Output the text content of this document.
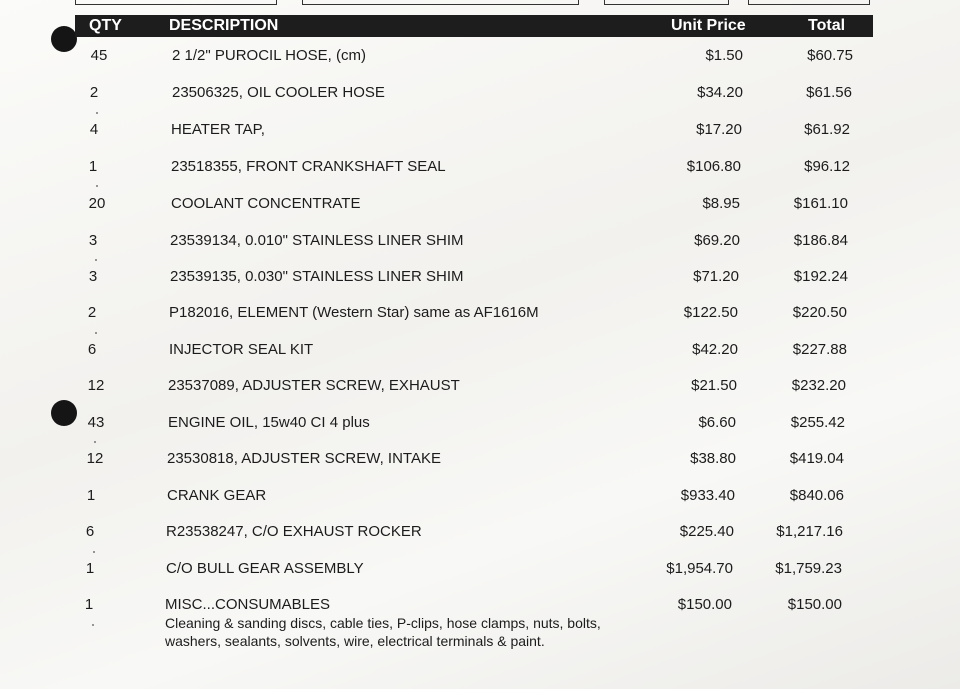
QTY	DESCRIPTION	Unit Price	Total
45	2 1/2" PUROCIL HOSE, (cm)	$1.50	$60.75
2	23506325, OIL COOLER HOSE	$34.20	$61.56
4	HEATER TAP,	$17.20	$61.92
1	23518355, FRONT CRANKSHAFT SEAL	$106.80	$96.12
20	COOLANT CONCENTRATE	$8.95	$161.10
3	23539134, 0.010" STAINLESS LINER SHIM	$69.20	$186.84
3	23539135, 0.030" STAINLESS LINER SHIM	$71.20	$192.24
2	P182016, ELEMENT (Western Star) same as AF1616M	$122.50	$220.50
6	INJECTOR SEAL KIT	$42.20	$227.88
12	23537089, ADJUSTER SCREW, EXHAUST	$21.50	$232.20
43	ENGINE OIL, 15w40 CI 4 plus	$6.60	$255.42
12	23530818, ADJUSTER SCREW, INTAKE	$38.80	$419.04
1	CRANK GEAR	$933.40	$840.06
6	R23538247, C/O EXHAUST ROCKER	$225.40	$1,217.16
1	C/O BULL GEAR ASSEMBLY	$1,954.70	$1,759.23
1	MISC...CONSUMABLES	$150.00	$150.00
Cleaning & sanding discs, cable ties, P-clips, hose clamps, nuts, bolts, washers, sealants, solvents, wire, electrical terminals & paint.
